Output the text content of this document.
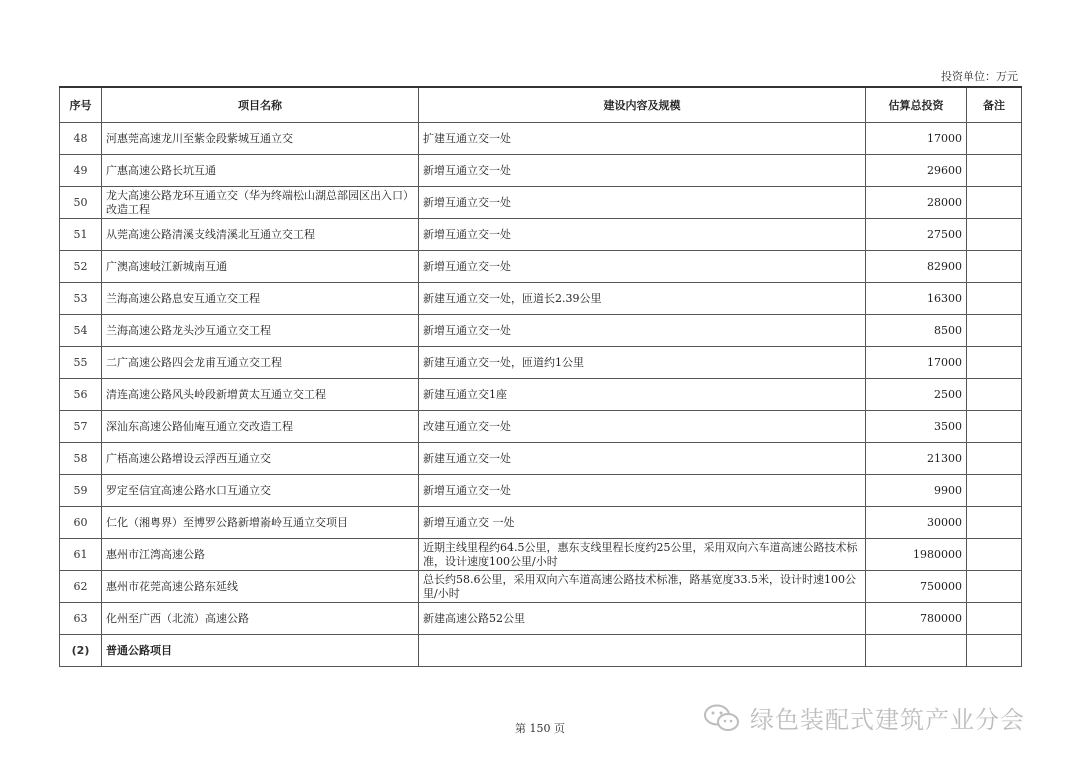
投资单位：万元
序号	项目名称	建设内容及规模	估算总投资	备注
48	河惠莞高速龙川至紫金段紫城互通立交	扩建互通立交一处	17000	
49	广惠高速公路长坑互通	新增互通立交一处	29600	
50	龙大高速公路龙环互通立交（华为终端松山湖总部园区出入口）改造工程	新增互通立交一处	28000	
51	从莞高速公路清溪支线清溪北互通立交工程	新增互通立交一处	27500	
52	广澳高速岐江新城南互通	新增互通立交一处	82900	
53	兰海高速公路息安互通立交工程	新建互通立交一处，匝道长2.39公里	16300	
54	兰海高速公路龙头沙互通立交工程	新增互通立交一处	8500	
55	二广高速公路四会龙甫互通立交工程	新建互通立交一处，匝道约1公里	17000	
56	清连高速公路风头岭段新增黄太互通立交工程	新建互通立交1座	2500	
57	深汕东高速公路仙庵互通立交改造工程	改建互通立交一处	3500	
58	广梧高速公路增设云浮西互通立交	新建互通立交一处	21300	
59	罗定至信宜高速公路水口互通立交	新增互通立交一处	9900	
60	仁化（湘粤界）至博罗公路新增嵛岭互通立交项目	新增互通立交 一处	30000	
61	惠州市江湾高速公路	近期主线里程约64.5公里，惠东支线里程长度约25公里，采用双向六车道高速公路技术标准，设计速度100公里/小时	1980000	
62	惠州市花莞高速公路东延线	总长约58.6公里，采用双向六车道高速公路技术标准，路基宽度33.5米，设计时速100公里/小时	750000	
63	化州至广西（北流）高速公路	新建高速公路52公里	780000	
(2)	普通公路项目			
第 150 页	绿色装配式建筑产业分会
